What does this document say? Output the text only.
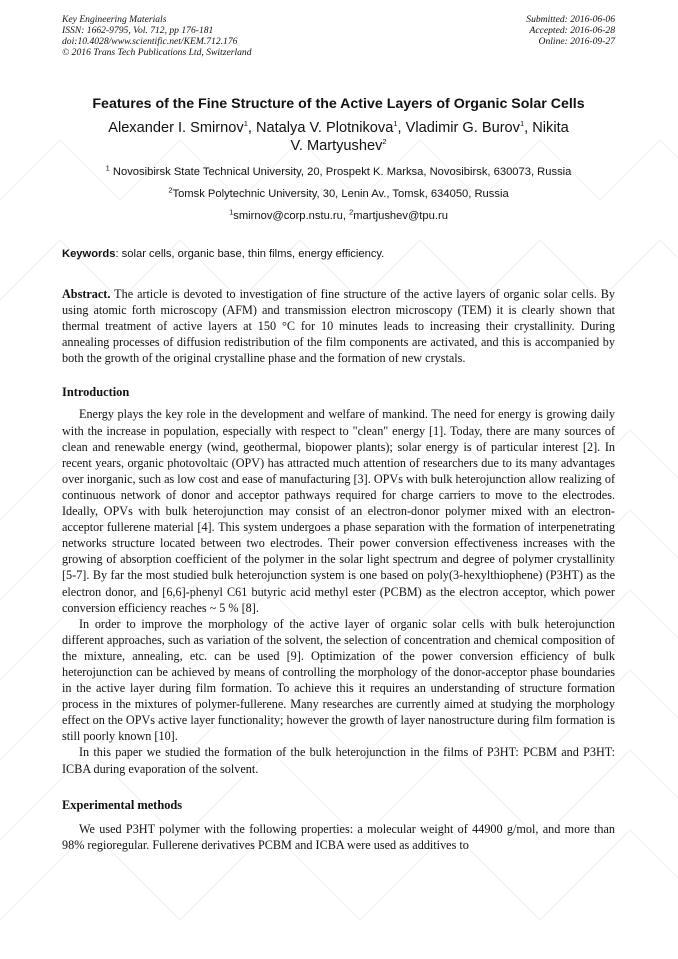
Key Engineering Materials
ISSN: 1662-9795, Vol. 712, pp 176-181
doi:10.4028/www.scientific.net/KEM.712.176
© 2016 Trans Tech Publications Ltd, Switzerland
Submitted: 2016-06-06
Accepted: 2016-06-28
Online: 2016-09-27
Features of the Fine Structure of the Active Layers of Organic Solar Cells
Alexander I. Smirnov$^1$, Natalya V. Plotnikova$^1$, Vladimir G. Burov$^1$, Nikita V. Martyushev$^2$
$^1$ Novosibirsk State Technical University, 20, Prospekt K. Marksa, Novosibirsk, 630073, Russia
$^2$Tomsk Polytechnic University, 30, Lenin Av., Tomsk, 634050, Russia
$^1$smirnov@corp.nstu.ru, $^2$martjushev@tpu.ru
Keywords: solar cells, organic base, thin films, energy efficiency.

Abstract. The article is devoted to investigation of fine structure of the active layers of organic solar cells. By using atomic forth microscopy (AFM) and transmission electron microscopy (TEM) it is clearly shown that thermal treatment of active layers at 150 °C for 10 minutes leads to increasing their crystallinity. During annealing processes of diffusion redistribution of the film components are activated, and this is accompanied by both the growth of the original crystalline phase and the formation of new crystals.

Introduction

Energy plays the key role in the development and welfare of mankind. The need for energy is growing daily with the increase in population, especially with respect to "clean" energy [1]. Today, there are many sources of clean and renewable energy (wind, geothermal, biopower plants); solar energy is of particular interest [2]. In recent years, organic photovoltaic (OPV) has attracted much attention of researchers due to its many advantages over inorganic, such as low cost and ease of manufacturing [3]. OPVs with bulk heterojunction allow realizing of continuous network of donor and acceptor pathways required for charge carriers to move to the electrodes. Ideally, OPVs with bulk heterojunction may consist of an electron-donor polymer mixed with an electron-acceptor fullerene material [4]. This system undergoes a phase separation with the formation of interpenetrating networks structure located between two electrodes. Their power conversion effectiveness increases with the growing of absorption coefficient of the polymer in the solar light spectrum and degree of polymer crystallinity [5-7]. By far the most studied bulk heterojunction system is one based on poly(3-hexylthiophene) (P3HT) as the electron donor, and [6,6]-phenyl C61 butyric acid methyl ester (PCBM) as the electron acceptor, which power conversion efficiency reaches ~ 5 % [8].

In order to improve the morphology of the active layer of organic solar cells with bulk heterojunction different approaches, such as variation of the solvent, the selection of concentration and chemical composition of the mixture, annealing, etc. can be used [9]. Optimization of the power conversion efficiency of bulk heterojunction can be achieved by means of controlling the morphology of the donor-acceptor phase boundaries in the active layer during film formation. To achieve this it requires an understanding of structure formation process in the mixtures of polymer-fullerene. Many researches are currently aimed at studying the morphology effect on the OPVs active layer functionality; however the growth of layer nanostructure during film formation is still poorly known [10].

In this paper we studied the formation of the bulk heterojunction in the films of P3HT: PCBM and P3HT: ICBA during evaporation of the solvent.

Experimental methods

We used P3HT polymer with the following properties: a molecular weight of 44900 g/mol, and more than 98% regioregular. Fullerene derivatives PCBM and ICBA were used as additives to
